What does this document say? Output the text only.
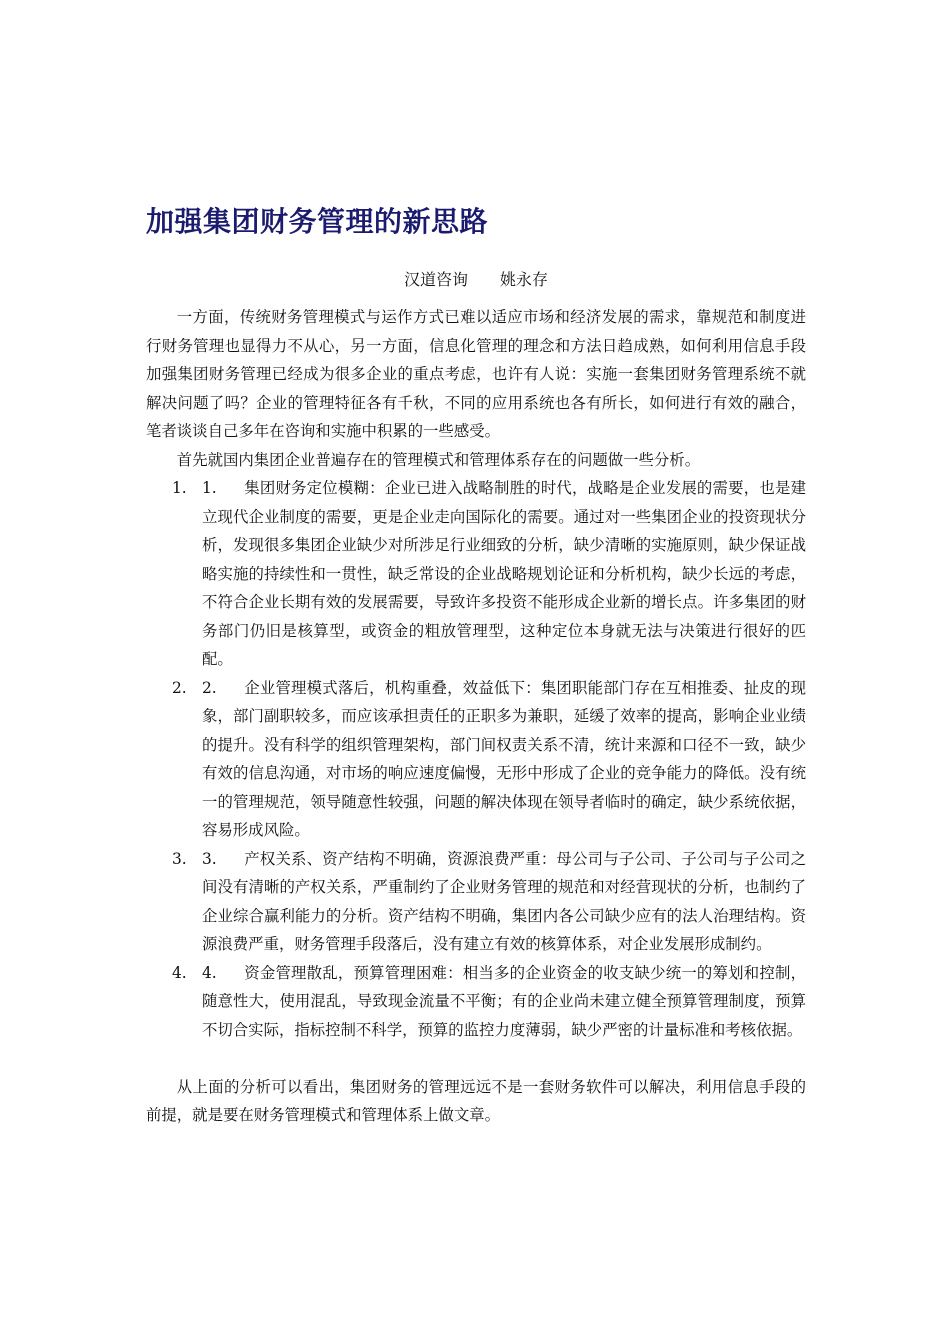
加强集团财务管理的新思路
汉道咨询　　姚永存

一方面，传统财务管理模式与运作方式已难以适应市场和经济发展的需求，靠规范和制度进行财务管理也显得力不从心，另一方面，信息化管理的理念和方法日趋成熟，如何利用信息手段加强集团财务管理已经成为很多企业的重点考虑，也许有人说：实施一套集团财务管理系统不就解决问题了吗？企业的管理特征各有千秋，不同的应用系统也各有所长，如何进行有效的融合，笔者谈谈自己多年在咨询和实施中积累的一些感受。

首先就国内集团企业普遍存在的管理模式和管理体系存在的问题做一些分析。

1. 1. 集团财务定位模糊：企业已进入战略制胜的时代，战略是企业发展的需要，也是建立现代企业制度的需要，更是企业走向国际化的需要。通过对一些集团企业的投资现状分析，发现很多集团企业缺少对所涉足行业细致的分析，缺少清晰的实施原则，缺少保证战略实施的持续性和一贯性，缺乏常设的企业战略规划论证和分析机构，缺少长远的考虑，不符合企业长期有效的发展需要，导致许多投资不能形成企业新的增长点。许多集团的财务部门仍旧是核算型，或资金的粗放管理型，这种定位本身就无法与决策进行很好的匹配。
2. 2. 企业管理模式落后，机构重叠，效益低下：集团职能部门存在互相推委、扯皮的现象，部门副职较多，而应该承担责任的正职多为兼职，延缓了效率的提高，影响企业业绩的提升。没有科学的组织管理架构，部门间权责关系不清，统计来源和口径不一致，缺少有效的信息沟通，对市场的响应速度偏慢，无形中形成了企业的竞争能力的降低。没有统一的管理规范，领导随意性较强，问题的解决体现在领导者临时的确定，缺少系统依据，容易形成风险。
3. 3. 产权关系、资产结构不明确，资源浪费严重：母公司与子公司、子公司与子公司之间没有清晰的产权关系，严重制约了企业财务管理的规范和对经营现状的分析，也制约了企业综合赢利能力的分析。资产结构不明确，集团内各公司缺少应有的法人治理结构。资源浪费严重，财务管理手段落后，没有建立有效的核算体系，对企业发展形成制约。
4. 4. 资金管理散乱，预算管理困难：相当多的企业资金的收支缺少统一的筹划和控制，随意性大，使用混乱，导致现金流量不平衡；有的企业尚未建立健全预算管理制度，预算不切合实际，指标控制不科学，预算的监控力度薄弱，缺少严密的计量标准和考核依据。

从上面的分析可以看出，集团财务的管理远远不是一套财务软件可以解决，利用信息手段的前提，就是要在财务管理模式和管理体系上做文章。
